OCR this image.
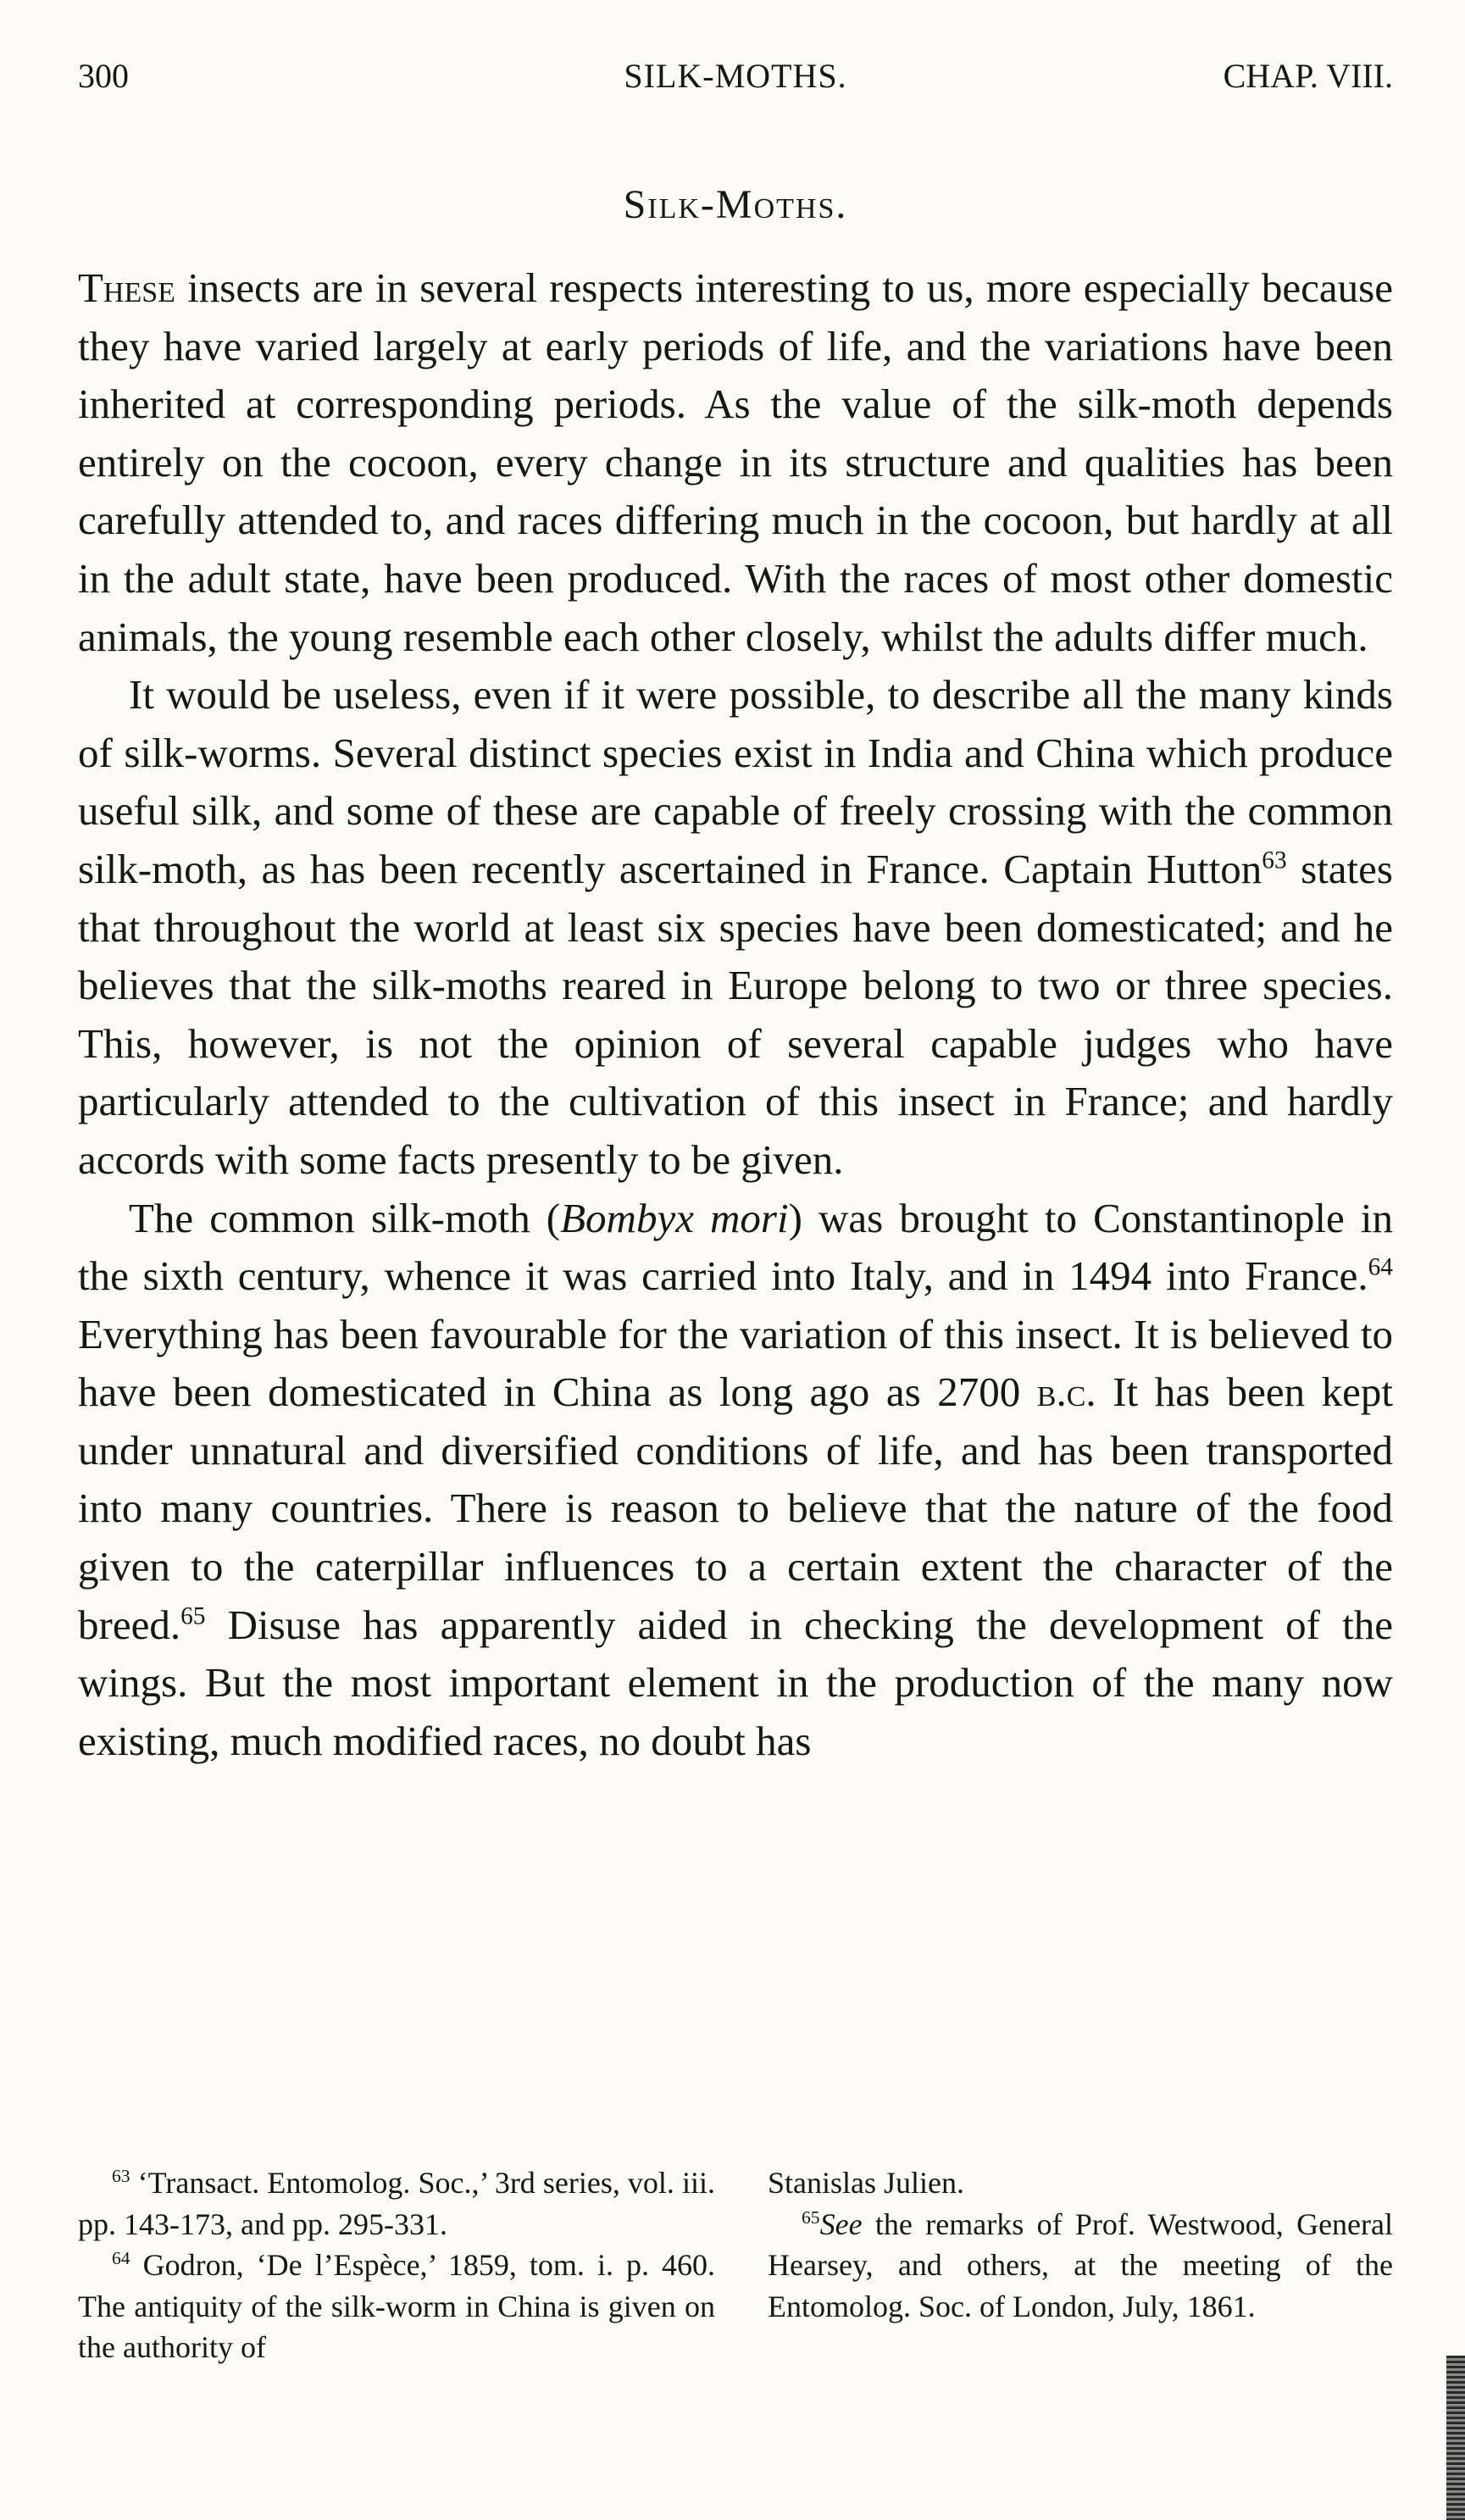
300	SILK-MOTHS.	CHAP. VIII.
Silk-Moths.

These insects are in several respects interesting to us, more especially because they have varied largely at early periods of life, and the variations have been inherited at corresponding periods. As the value of the silk-moth depends entirely on the cocoon, every change in its structure and qualities has been carefully attended to, and races differing much in the cocoon, but hardly at all in the adult state, have been produced. With the races of most other domestic animals, the young resemble each other closely, whilst the adults differ much.

It would be useless, even if it were possible, to describe all the many kinds of silk-worms. Several distinct species exist in India and China which produce useful silk, and some of these are capable of freely crossing with the common silk-moth, as has been recently ascertained in France. Captain Hutton$^{63}$ states that throughout the world at least six species have been domesticated; and he believes that the silk-moths reared in Europe belong to two or three species. This, however, is not the opinion of several capable judges who have particularly attended to the cultivation of this insect in France; and hardly accords with some facts presently to be given.

The common silk-moth (Bombyx mori) was brought to Constantinople in the sixth century, whence it was carried into Italy, and in 1494 into France.$^{64}$ Everything has been favourable for the variation of this insect. It is believed to have been domesticated in China as long ago as 2700 b.c. It has been kept under unnatural and diversified conditions of life, and has been transported into many countries. There is reason to believe that the nature of the food given to the caterpillar influences to a certain extent the character of the breed.$^{65}$ Disuse has apparently aided in checking the development of the wings. But the most important element in the production of the many now existing, much modified races, no doubt has

$^{63}$ ‘Transact. Entomolog. Soc.,’ 3rd series, vol. iii. pp. 143-173, and pp. 295-331.

$^{64}$ Godron, ‘De l’Espèce,’ 1859, tom. i. p. 460. The antiquity of the silk-worm in China is given on the authority of

Stanislas Julien.

$^{65}$See the remarks of Prof. Westwood, General Hearsey, and others, at the meeting of the Entomolog. Soc. of London, July, 1861.
